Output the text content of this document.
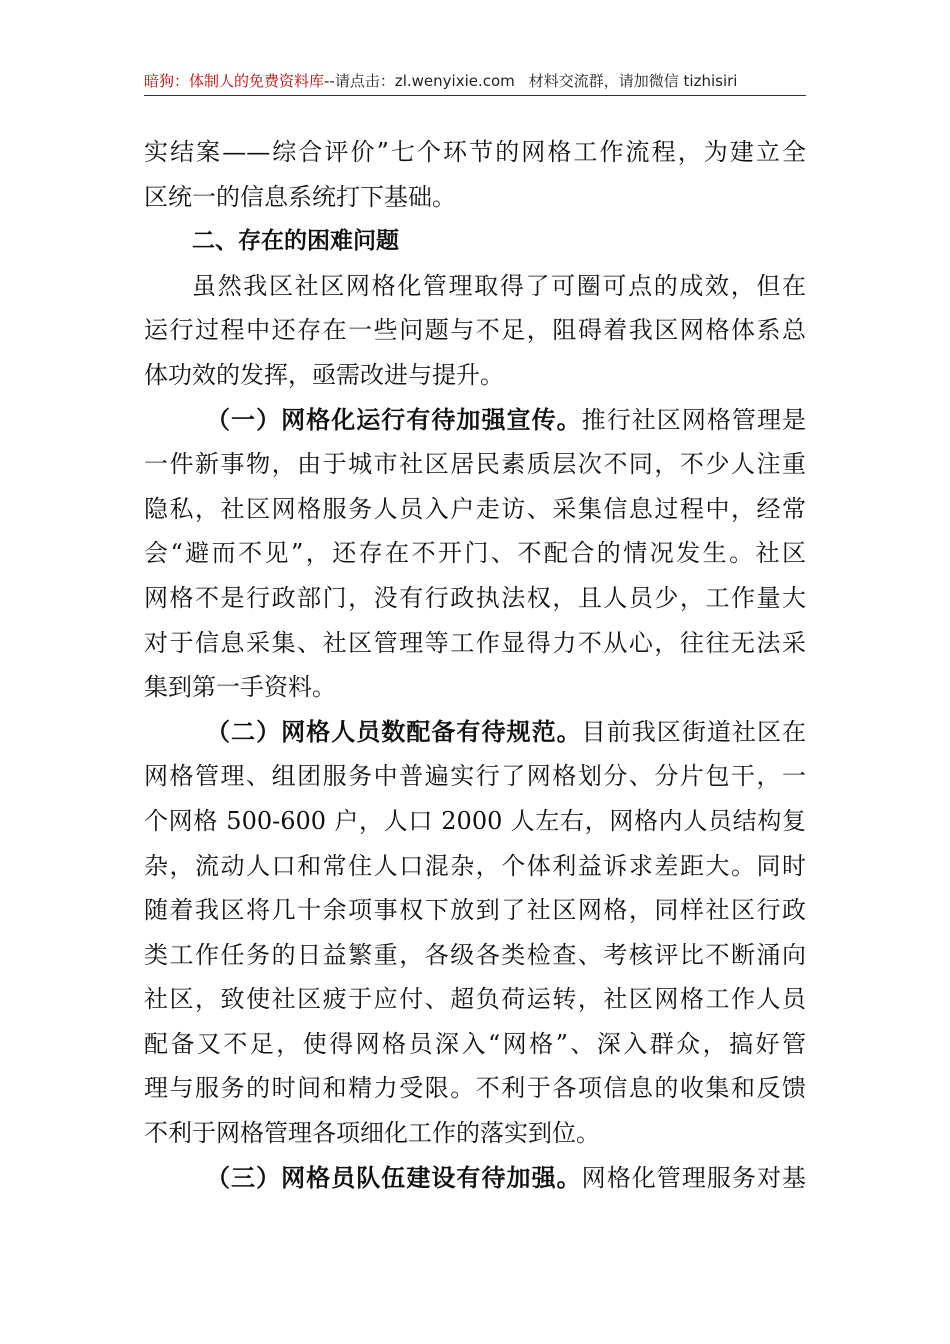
暗狗：体制人的免费资料库--请点击：zl.wenyixie.com 材料交流群，请加微信 tizhisiri
实结案——综合评价”七个环节的网格工作流程，为建立全
区统一的信息系统打下基础。
二、存在的困难问题
虽然我区社区网格化管理取得了可圈可点的成效，但在
运行过程中还存在一些问题与不足，阻碍着我区网格体系总
体功效的发挥，亟需改进与提升。
（一）网格化运行有待加强宣传。推行社区网格管理是
一件新事物，由于城市社区居民素质层次不同，不少人注重
隐私，社区网格服务人员入户走访、采集信息过程中，经常
会“避而不见”，还存在不开门、不配合的情况发生。社区
网格不是行政部门，没有行政执法权，且人员少，工作量大
对于信息采集、社区管理等工作显得力不从心，往往无法采
集到第一手资料。
（二）网格人员数配备有待规范。目前我区街道社区在
网格管理、组团服务中普遍实行了网格划分、分片包干，一
个网格 500-600 户，人口 2000 人左右，网格内人员结构复
杂，流动人口和常住人口混杂，个体利益诉求差距大。同时
随着我区将几十余项事权下放到了社区网格，同样社区行政
类工作任务的日益繁重，各级各类检查、考核评比不断涌向
社区，致使社区疲于应付、超负荷运转，社区网格工作人员
配备又不足，使得网格员深入“网格”、深入群众，搞好管
理与服务的时间和精力受限。不利于各项信息的收集和反馈
不利于网格管理各项细化工作的落实到位。
（三）网格员队伍建设有待加强。网格化管理服务对基
